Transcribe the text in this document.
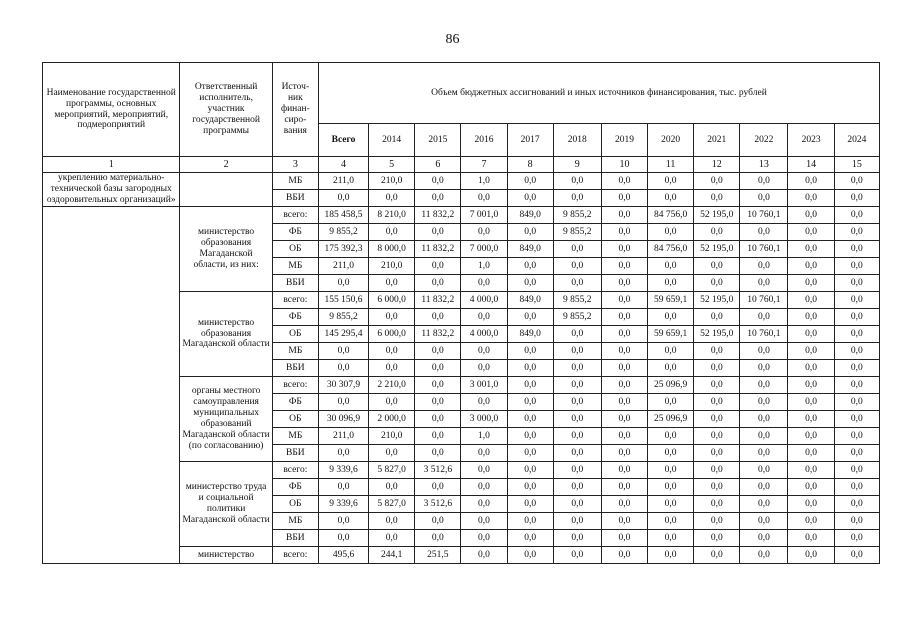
86
Наименование государственной программы, основных мероприятий, мероприятий, подмероприятий	Ответственный исполнитель, участник государственной программы	Источ-ник финан-сиро-вания	Объем бюджетных ассигнований и иных источников финансирования, тыс. рублей											
			Всего	2014	2015	2016	2017	2018	2019	2020	2021	2022	2023	2024
1	2	3	4	5	6	7	8	9	10	11	12	13	14	15
укреплению материально-технической базы загородных оздоровительных организаций»		МБ	211,0	210,0	0,0	1,0	0,0	0,0	0,0	0,0	0,0	0,0	0,0	0,0
		ВБИ	0,0	0,0	0,0	0,0	0,0	0,0	0,0	0,0	0,0	0,0	0,0	0,0
	министерство образования Магаданской области, из них:	всего:	185 458,5	8 210,0	11 832,2	7 001,0	849,0	9 855,2	0,0	84 756,0	52 195,0	10 760,1	0,0	0,0
		ФБ	9 855,2	0,0	0,0	0,0	0,0	9 855,2	0,0	0,0	0,0	0,0	0,0	0,0
		ОБ	175 392,3	8 000,0	11 832,2	7 000,0	849,0	0,0	0,0	84 756,0	52 195,0	10 760,1	0,0	0,0
		МБ	211,0	210,0	0,0	1,0	0,0	0,0	0,0	0,0	0,0	0,0	0,0	0,0
		ВБИ	0,0	0,0	0,0	0,0	0,0	0,0	0,0	0,0	0,0	0,0	0,0	0,0
	министерство образования Магаданской области	всего:	155 150,6	6 000,0	11 832,2	4 000,0	849,0	9 855,2	0,0	59 659,1	52 195,0	10 760,1	0,0	0,0
		ФБ	9 855,2	0,0	0,0	0,0	0,0	9 855,2	0,0	0,0	0,0	0,0	0,0	0,0
		ОБ	145 295,4	6 000,0	11 832,2	4 000,0	849,0	0,0	0,0	59 659,1	52 195,0	10 760,1	0,0	0,0
		МБ	0,0	0,0	0,0	0,0	0,0	0,0	0,0	0,0	0,0	0,0	0,0	0,0
		ВБИ	0,0	0,0	0,0	0,0	0,0	0,0	0,0	0,0	0,0	0,0	0,0	0,0
	органы местного самоуправления муниципальных образований Магаданской области (по согласованию)	всего:	30 307,9	2 210,0	0,0	3 001,0	0,0	0,0	0,0	25 096,9	0,0	0,0	0,0	0,0
		ФБ	0,0	0,0	0,0	0,0	0,0	0,0	0,0	0,0	0,0	0,0	0,0	0,0
		ОБ	30 096,9	2 000,0	0,0	3 000,0	0,0	0,0	0,0	25 096,9	0,0	0,0	0,0	0,0
		МБ	211,0	210,0	0,0	1,0	0,0	0,0	0,0	0,0	0,0	0,0	0,0	0,0
		ВБИ	0,0	0,0	0,0	0,0	0,0	0,0	0,0	0,0	0,0	0,0	0,0	0,0
	министерство труда и социальной политики Магаданской области	всего:	9 339,6	5 827,0	3 512,6	0,0	0,0	0,0	0,0	0,0	0,0	0,0	0,0	0,0
		ФБ	0,0	0,0	0,0	0,0	0,0	0,0	0,0	0,0	0,0	0,0	0,0	0,0
		ОБ	9 339,6	5 827,0	3 512,6	0,0	0,0	0,0	0,0	0,0	0,0	0,0	0,0	0,0
		МБ	0,0	0,0	0,0	0,0	0,0	0,0	0,0	0,0	0,0	0,0	0,0	0,0
		ВБИ	0,0	0,0	0,0	0,0	0,0	0,0	0,0	0,0	0,0	0,0	0,0	0,0
	министерство	всего:	495,6	244,1	251,5	0,0	0,0	0,0	0,0	0,0	0,0	0,0	0,0	0,0
